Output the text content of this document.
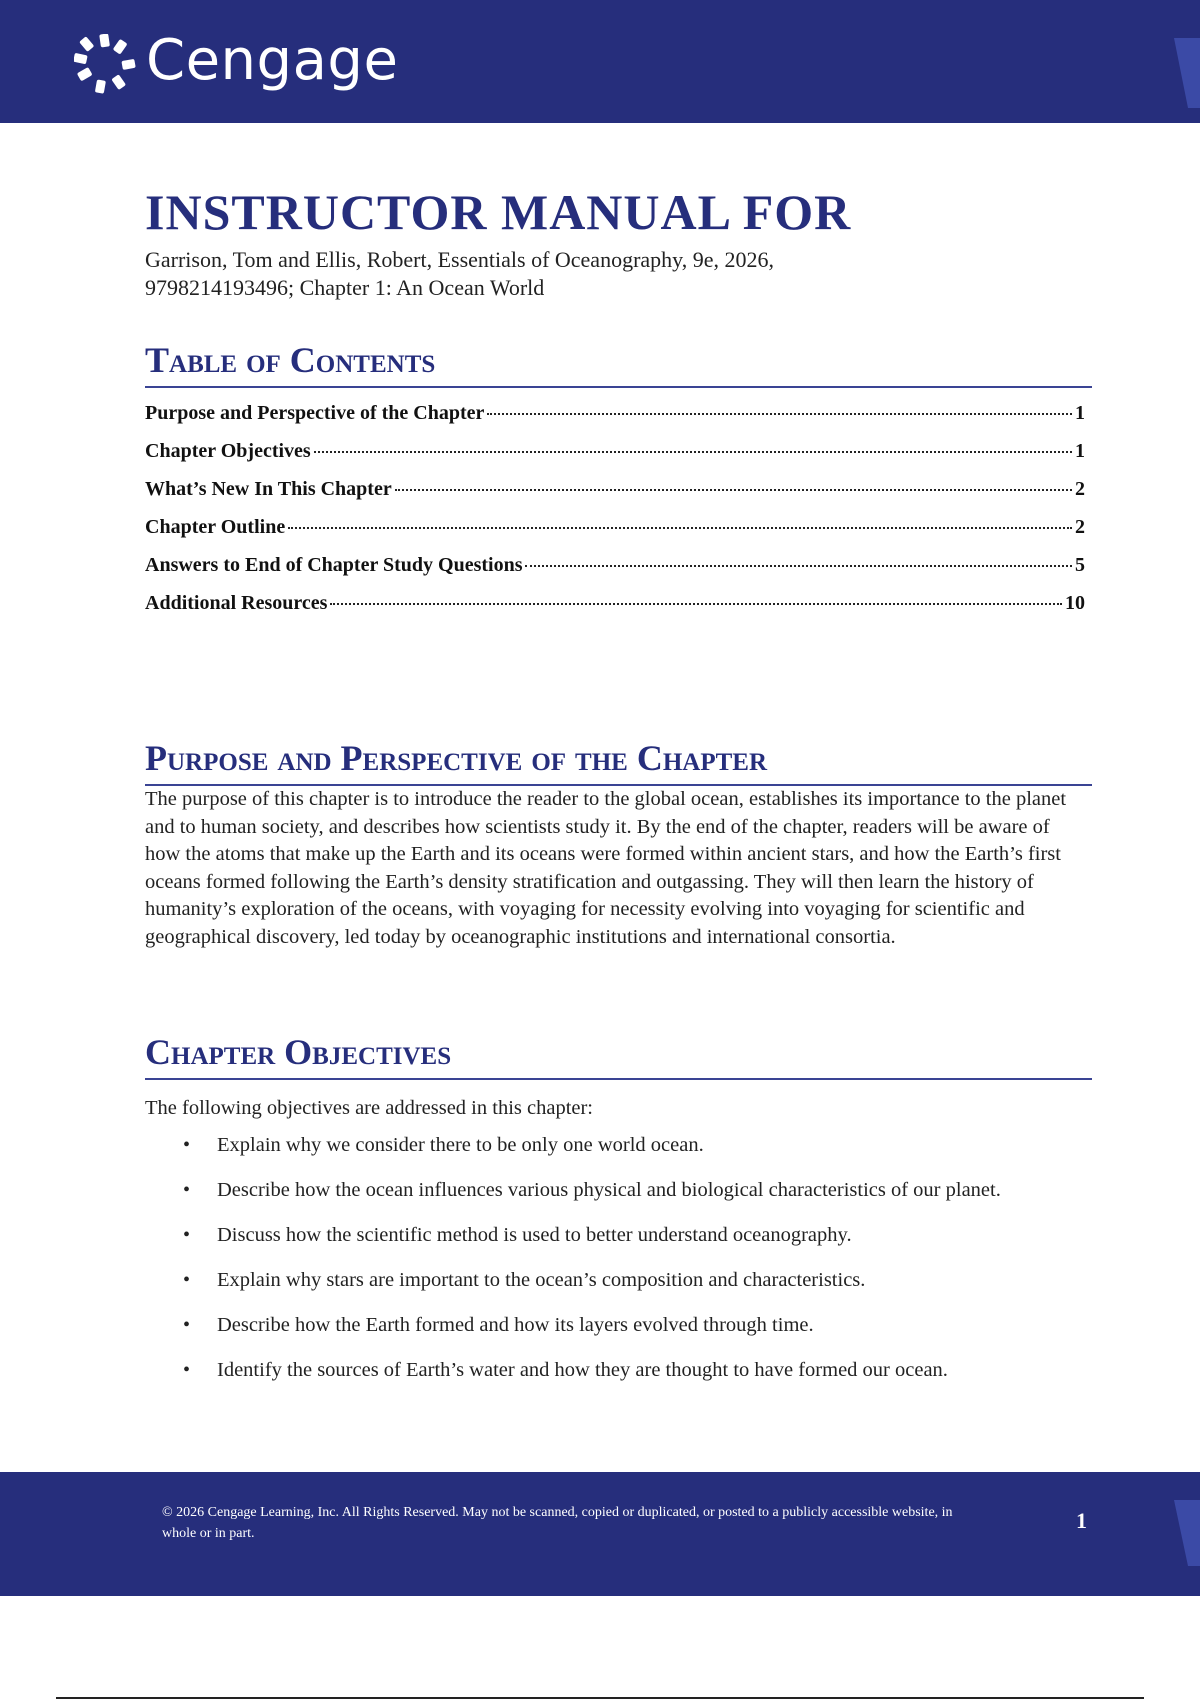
Cengage
INSTRUCTOR MANUAL FOR
Garrison, Tom and Ellis, Robert, Essentials of Oceanography, 9e, 2026, 9798214193496; Chapter 1: An Ocean World
Table of Contents
Purpose and Perspective of the Chapter	1
Chapter Objectives	1
What’s New In This Chapter	2
Chapter Outline	2
Answers to End of Chapter Study Questions	5
Additional Resources	10
Purpose and Perspective of the Chapter

The purpose of this chapter is to introduce the reader to the global ocean, establishes its importance to the planet and to human society, and describes how scientists study it. By the end of the chapter, readers will be aware of how the atoms that make up the Earth and its oceans were formed within ancient stars, and how the Earth’s first oceans formed following the Earth’s density stratification and outgassing. They will then learn the history of humanity’s exploration of the oceans, with voyaging for necessity evolving into voyaging for scientific and geographical discovery, led today by oceanographic institutions and international consortia.

Chapter Objectives

The following objectives are addressed in this chapter:

• Explain why we consider there to be only one world ocean.
• Describe how the ocean influences various physical and biological characteristics of our planet.
• Discuss how the scientific method is used to better understand oceanography.
• Explain why stars are important to the ocean’s composition and characteristics.
• Describe how the Earth formed and how its layers evolved through time.
• Identify the sources of Earth’s water and how they are thought to have formed our ocean.
© 2026 Cengage Learning, Inc. All Rights Reserved. May not be scanned, copied or duplicated, or posted to a publicly accessible website, in whole or in part.
1
